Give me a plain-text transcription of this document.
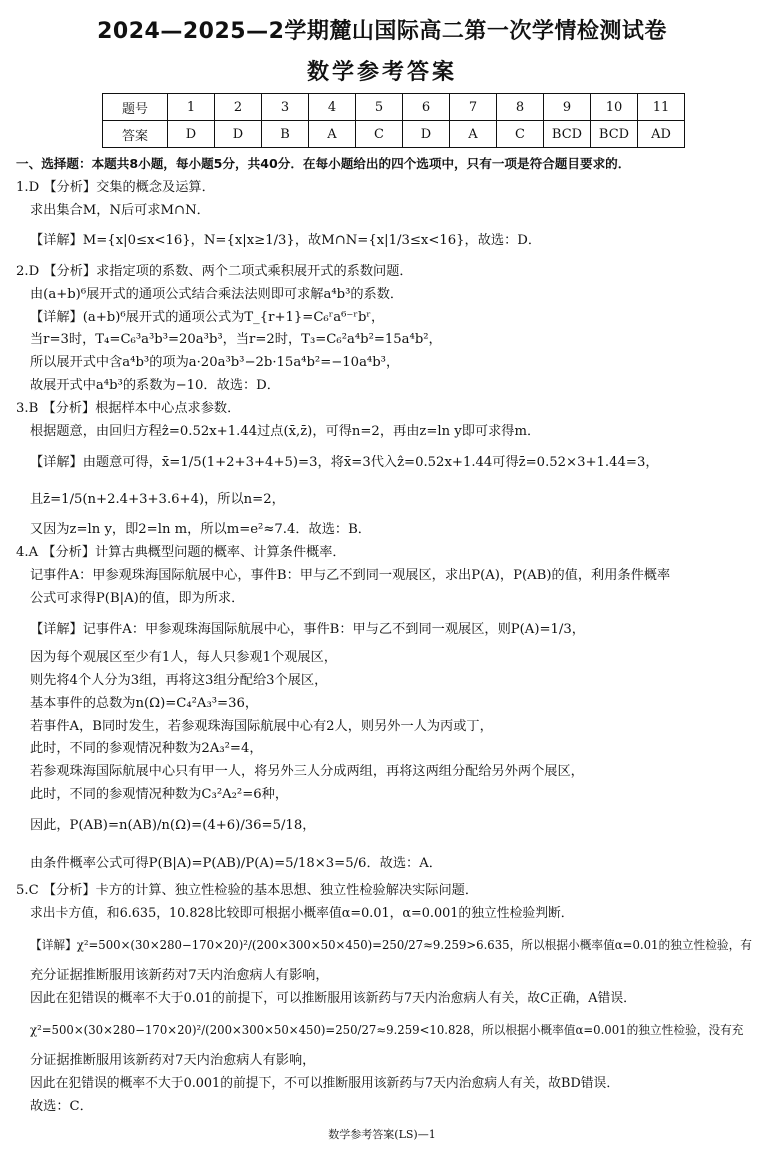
2024—2025—2学期麓山国际高二第一次学情检测试卷
数学参考答案
题号	1	2	3	4	5	6	7	8	9	10	11
答案	D	D	B	A	C	D	A	C	BCD	BCD	AD
一、选择题：本题共8小题，每小题5分，共40分．在每小题给出的四个选项中，只有一项是符合题目要求的．
1.D 【分析】交集的概念及运算．
求出集合M，N后可求M∩N．
【详解】M={x|0≤x<16}，N={x|x≥1/3}，故M∩N={x|1/3≤x<16}，故选：D．
2.D 【分析】求指定项的系数、两个二项式乘积展开式的系数问题．
由(a+b)⁶展开式的通项公式结合乘法法则即可求解a⁴b³的系数．
【详解】(a+b)⁶展开式的通项公式为T_{r+1}=C₆ʳa⁶⁻ʳbʳ，
当r=3时，T₄=C₆³a³b³=20a³b³，当r=2时，T₃=C₆²a⁴b²=15a⁴b²，
所以展开式中含a⁴b³的项为a·20a³b³−2b·15a⁴b²=−10a⁴b³，
故展开式中a⁴b³的系数为−10．故选：D．
3.B 【分析】根据样本中心点求参数．
根据题意，由回归方程ẑ=0.52x+1.44过点(x̄,z̄)，可得n=2，再由z=ln y即可求得m．
【详解】由题意可得，x̄=1/5(1+2+3+4+5)=3，将x̄=3代入ẑ=0.52x+1.44可得z̄=0.52×3+1.44=3，
且z̄=1/5(n+2.4+3+3.6+4)，所以n=2，
又因为z=ln y，即2=ln m，所以m=e²≈7.4．故选：B．
4.A 【分析】计算古典概型问题的概率、计算条件概率．
记事件A：甲参观珠海国际航展中心，事件B：甲与乙不到同一观展区，求出P(A)，P(AB)的值，利用条件概率
公式可求得P(B|A)的值，即为所求．
【详解】记事件A：甲参观珠海国际航展中心，事件B：甲与乙不到同一观展区，则P(A)=1/3，
因为每个观展区至少有1人，每人只参观1个观展区，
则先将4个人分为3组，再将这3组分配给3个展区，
基本事件的总数为n(Ω)=C₄²A₃³=36，
若事件A，B同时发生，若参观珠海国际航展中心有2人，则另外一人为丙或丁，
此时，不同的参观情况种数为2A₃²=4，
若参观珠海国际航展中心只有甲一人，将另外三人分成两组，再将这两组分配给另外两个展区，
此时，不同的参观情况种数为C₃²A₂²=6种，
因此，P(AB)=n(AB)/n(Ω)=(4+6)/36=5/18，
由条件概率公式可得P(B|A)=P(AB)/P(A)=5/18×3=5/6．故选：A．
5.C 【分析】卡方的计算、独立性检验的基本思想、独立性检验解决实际问题．
求出卡方值，和6.635，10.828比较即可根据小概率值α=0.01，α=0.001的独立性检验判断．
【详解】χ²=500×(30×280−170×20)²/(200×300×50×450)=250/27≈9.259>6.635，所以根据小概率值α=0.01的独立性检验，有
充分证据推断服用该新药对7天内治愈病人有影响，
因此在犯错误的概率不大于0.01的前提下，可以推断服用该新药与7天内治愈病人有关，故C正确，A错误．
χ²=500×(30×280−170×20)²/(200×300×50×450)=250/27≈9.259<10.828，所以根据小概率值α=0.001的独立性检验，没有充
分证据推断服用该新药对7天内治愈病人有影响，
因此在犯错误的概率不大于0.001的前提下，不可以推断服用该新药与7天内治愈病人有关，故BD错误．
故选：C．
数学参考答案(LS)—1
